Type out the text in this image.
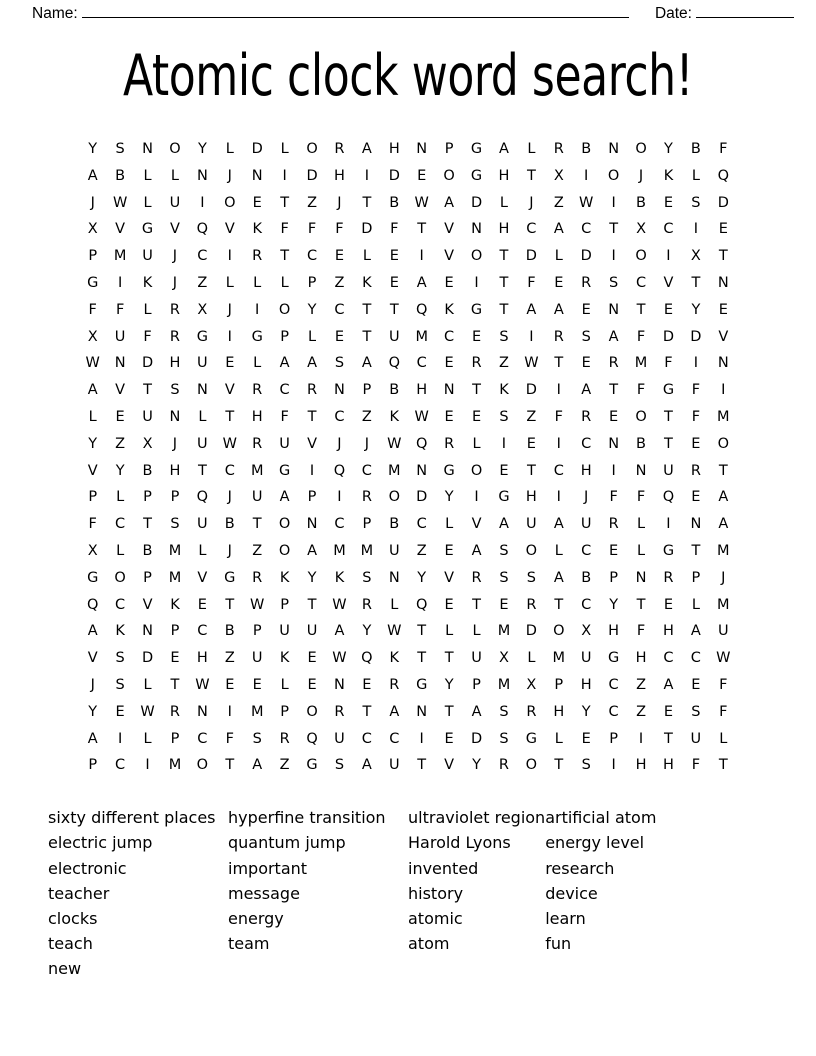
Name:	Date:
Atomic clock word search!
Y	S	N	O	Y	L	D	L	O	R	A	H	N	P	G	A	L	R	B	N	O	Y	B	F
A	B	L	L	N	J	N	I	D	H	I	D	E	O	G	H	T	X	I	O	J	K	L	Q
J	W	L	U	I	O	E	T	Z	J	T	B	W	A	D	L	J	Z	W	I	B	E	S	D
X	V	G	V	Q	V	K	F	F	F	D	F	T	V	N	H	C	A	C	T	X	C	I	E
P	M	U	J	C	I	R	T	C	E	L	E	I	V	O	T	D	L	D	I	O	I	X	T
G	I	K	J	Z	L	L	L	P	Z	K	E	A	E	I	T	F	E	R	S	C	V	T	N
F	F	L	R	X	J	I	O	Y	C	T	T	Q	K	G	T	A	A	E	N	T	E	Y	E
X	U	F	R	G	I	G	P	L	E	T	U	M	C	E	S	I	R	S	A	F	D	D	V
W	N	D	H	U	E	L	A	A	S	A	Q	C	E	R	Z	W	T	E	R	M	F	I	N
A	V	T	S	N	V	R	C	R	N	P	B	H	N	T	K	D	I	A	T	F	G	F	I
L	E	U	N	L	T	H	F	T	C	Z	K	W	E	E	S	Z	F	R	E	O	T	F	M
Y	Z	X	J	U	W	R	U	V	J	J	W	Q	R	L	I	E	I	C	N	B	T	E	O
V	Y	B	H	T	C	M	G	I	Q	C	M	N	G	O	E	T	C	H	I	N	U	R	T
P	L	P	P	Q	J	U	A	P	I	R	O	D	Y	I	G	H	I	J	F	F	Q	E	A
F	C	T	S	U	B	T	O	N	C	P	B	C	L	V	A	U	A	U	R	L	I	N	A
X	L	B	M	L	J	Z	O	A	M	M	U	Z	E	A	S	O	L	C	E	L	G	T	M
G	O	P	M	V	G	R	K	Y	K	S	N	Y	V	R	S	S	A	B	P	N	R	P	J
Q	C	V	K	E	T	W	P	T	W	R	L	Q	E	T	E	R	T	C	Y	T	E	L	M
A	K	N	P	C	B	P	U	U	A	Y	W	T	L	L	M	D	O	X	H	F	H	A	U
V	S	D	E	H	Z	U	K	E	W	Q	K	T	T	U	X	L	M	U	G	H	C	C	W
J	S	L	T	W	E	E	L	E	N	E	R	G	Y	P	M	X	P	H	C	Z	A	E	F
Y	E	W	R	N	I	M	P	O	R	T	A	N	T	A	S	R	H	Y	C	Z	E	S	F
A	I	L	P	C	F	S	R	Q	U	C	C	I	E	D	S	G	L	E	P	I	T	U	L
P	C	I	M	O	T	A	Z	G	S	A	U	T	V	Y	R	O	T	S	I	H	H	F	T
sixty different places
electric jump
electronic
teacher
clocks
teach
new
hyperfine transition
quantum jump
important
message
energy
team
ultraviolet region
Harold Lyons
invented
history
atomic
atom
artificial atom
energy level
research
device
learn
fun
